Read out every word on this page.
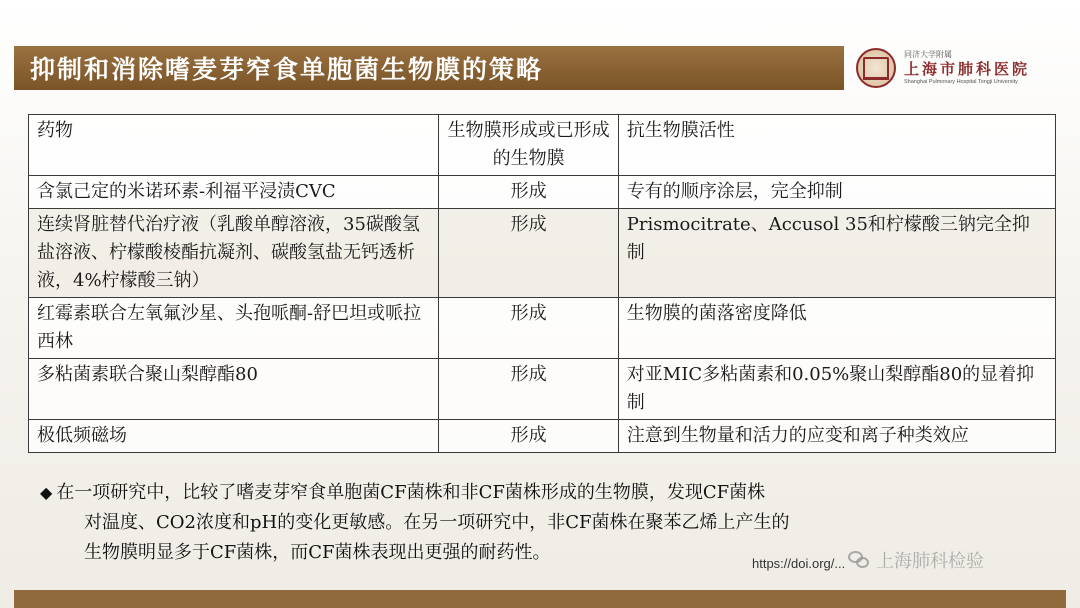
抑制和消除嗜麦芽窄食单胞菌生物膜的策略
同济大学附属
上海市肺科医院
Shanghai Pulmonary Hospital Tongji University
药物	生物膜形成或已形成的生物膜	抗生物膜活性
含氯己定的米诺环素-利福平浸渍CVC	形成	专有的顺序涂层，完全抑制
连续肾脏替代治疗液（乳酸单醇溶液，35碳酸氢盐溶液、柠檬酸棱酯抗凝剂、碳酸氢盐无钙透析液，4%柠檬酸三钠）	形成	Prismocitrate、Accusol 35和柠檬酸三钠完全抑制
红霉素联合左氧氟沙星、头孢哌酮-舒巴坦或哌拉西林	形成	生物膜的菌落密度降低
多粘菌素联合聚山梨醇酯80	形成	对亚MIC多粘菌素和0.05%聚山梨醇酯80的显着抑制
极低频磁场	形成	注意到生物量和活力的应变和离子种类效应
◆ 在一项研究中，比较了嗜麦芽窄食单胞菌CF菌株和非CF菌株形成的生物膜，发现CF菌株
对温度、CO2浓度和pH的变化更敏感。在另一项研究中，非CF菌株在聚苯乙烯上产生的
生物膜明显多于CF菌株，而CF菌株表现出更强的耐药性。
https://doi.org/... 上海肺科检验
